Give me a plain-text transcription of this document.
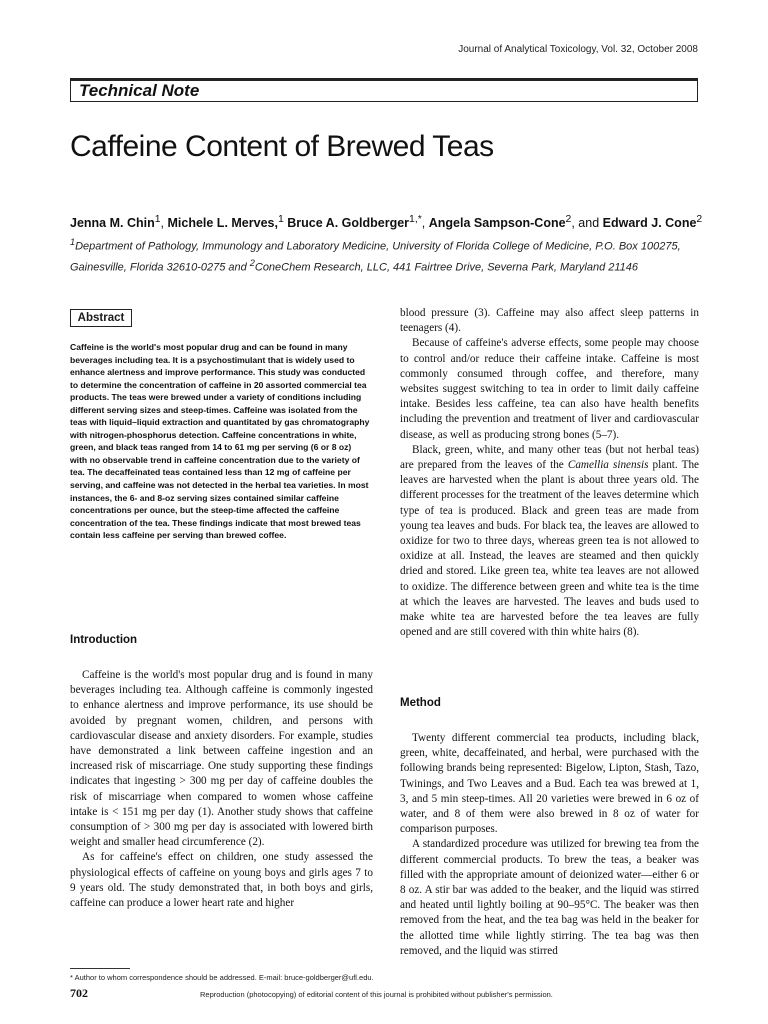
Journal of Analytical Toxicology, Vol. 32, October 2008
Technical Note
Caffeine Content of Brewed Teas
Jenna M. Chin$^1$, Michele L. Merves,$^1$ Bruce A. Goldberger$^{1,*}$, Angela Sampson-Cone$^2$, and Edward J. Cone$^2$
$^1$Department of Pathology, Immunology and Laboratory Medicine, University of Florida College of Medicine, P.O. Box 100275,
Gainesville, Florida 32610-0275 and $^2$ConeChem Research, LLC, 441 Fairtree Drive, Severna Park, Maryland 21146
Abstract
Caffeine is the world's most popular drug and can be found in many beverages including tea. It is a psychostimulant that is widely used to enhance alertness and improve performance. This study was conducted to determine the concentration of caffeine in 20 assorted commercial tea products. The teas were brewed under a variety of conditions including different serving sizes and steep-times. Caffeine was isolated from the teas with liquid–liquid extraction and quantitated by gas chromatography with nitrogen-phosphorus detection. Caffeine concentrations in white, green, and black teas ranged from 14 to 61 mg per serving (6 or 8 oz) with no observable trend in caffeine concentration due to the variety of tea. The decaffeinated teas contained less than 12 mg of caffeine per serving, and caffeine was not detected in the herbal tea varieties. In most instances, the 6- and 8-oz serving sizes contained similar caffeine concentrations per ounce, but the steep-time affected the caffeine concentration of the tea. These findings indicate that most brewed teas contain less caffeine per serving than brewed coffee.
Introduction

Caffeine is the world's most popular drug and is found in many beverages including tea. Although caffeine is commonly ingested to enhance alertness and improve performance, its use should be avoided by pregnant women, children, and persons with cardiovascular disease and anxiety disorders. For example, studies have demonstrated a link between caffeine ingestion and an increased risk of miscarriage. One study supporting these findings indicates that ingesting > 300 mg per day of caffeine doubles the risk of miscarriage when compared to women whose caffeine intake is < 151 mg per day (1). Another study shows that caffeine consumption of > 300 mg per day is associated with lowered birth weight and smaller head circumference (2).

As for caffeine's effect on children, one study assessed the physiological effects of caffeine on young boys and girls ages 7 to 9 years old. The study demonstrated that, in both boys and girls, caffeine can produce a lower heart rate and higher

blood pressure (3). Caffeine may also affect sleep patterns in teenagers (4).

Because of caffeine's adverse effects, some people may choose to control and/or reduce their caffeine intake. Caffeine is most commonly consumed through coffee, and therefore, many websites suggest switching to tea in order to limit daily caffeine intake. Besides less caffeine, tea can also have health benefits including the prevention and treatment of liver and cardiovascular disease, as well as producing strong bones (5–7).

Black, green, white, and many other teas (but not herbal teas) are prepared from the leaves of the Camellia sinensis plant. The leaves are harvested when the plant is about three years old. The different processes for the treatment of the leaves determine which type of tea is produced. Black and green teas are made from young tea leaves and buds. For black tea, the leaves are allowed to oxidize for two to three days, whereas green tea is not allowed to oxidize at all. Instead, the leaves are steamed and then quickly dried and stored. Like green tea, white tea leaves are not allowed to oxidize. The difference between green and white tea is the time at which the leaves are harvested. The leaves and buds used to make white tea are harvested before the tea leaves are fully opened and are still covered with thin white hairs (8).

Method

Twenty different commercial tea products, including black, green, white, decaffeinated, and herbal, were purchased with the following brands being represented: Bigelow, Lipton, Stash, Tazo, Twinings, and Two Leaves and a Bud. Each tea was brewed at 1, 3, and 5 min steep-times. All 20 varieties were brewed in 6 oz of water, and 8 of them were also brewed in 8 oz of water for comparison purposes.

A standardized procedure was utilized for brewing tea from the different commercial products. To brew the teas, a beaker was filled with the appropriate amount of deionized water—either 6 or 8 oz. A stir bar was added to the beaker, and the liquid was stirred and heated until lightly boiling at 90–95°C. The beaker was then removed from the heat, and the tea bag was held in the beaker for the allotted time while lightly stirring. The tea bag was then removed, and the liquid was stirred

* Author to whom correspondence should be addressed. E-mail: bruce-goldberger@ufl.edu.
702	Reproduction (photocopying) of editorial content of this journal is prohibited without publisher's permission.
